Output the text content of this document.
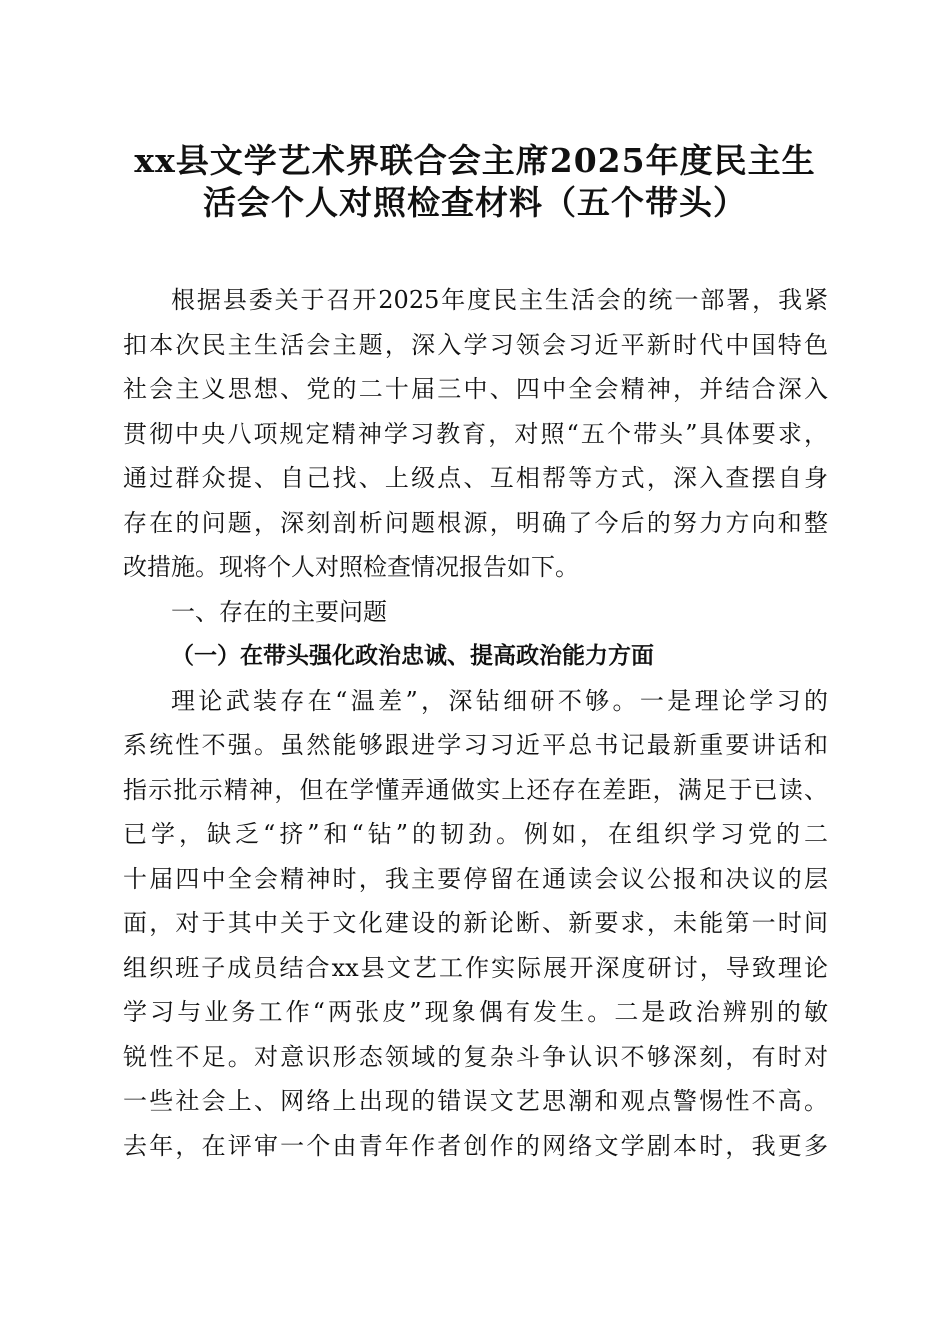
xx县文学艺术界联合会主席2025年度民主生
活会个人对照检查材料（五个带头）
根据县委关于召开2025年度民主生活会的统一部署，我紧
扣本次民主生活会主题，深入学习领会习近平新时代中国特色
社会主义思想、党的二十届三中、四中全会精神，并结合深入
贯彻中央八项规定精神学习教育，对照“五个带头”具体要求，
通过群众提、自己找、上级点、互相帮等方式，深入查摆自身
存在的问题，深刻剖析问题根源，明确了今后的努力方向和整
改措施。现将个人对照检查情况报告如下。
一、存在的主要问题
（一）在带头强化政治忠诚、提高政治能力方面
理论武装存在“温差”，深钻细研不够。一是理论学习的
系统性不强。虽然能够跟进学习习近平总书记最新重要讲话和
指示批示精神，但在学懂弄通做实上还存在差距，满足于已读、
已学，缺乏“挤”和“钻”的韧劲。例如，在组织学习党的二
十届四中全会精神时，我主要停留在通读会议公报和决议的层
面，对于其中关于文化建设的新论断、新要求，未能第一时间
组织班子成员结合xx县文艺工作实际展开深度研讨，导致理论
学习与业务工作“两张皮”现象偶有发生。二是政治辨别的敏
锐性不足。对意识形态领域的复杂斗争认识不够深刻，有时对
一些社会上、网络上出现的错误文艺思潮和观点警惕性不高。
去年，在评审一个由青年作者创作的网络文学剧本时，我更多
